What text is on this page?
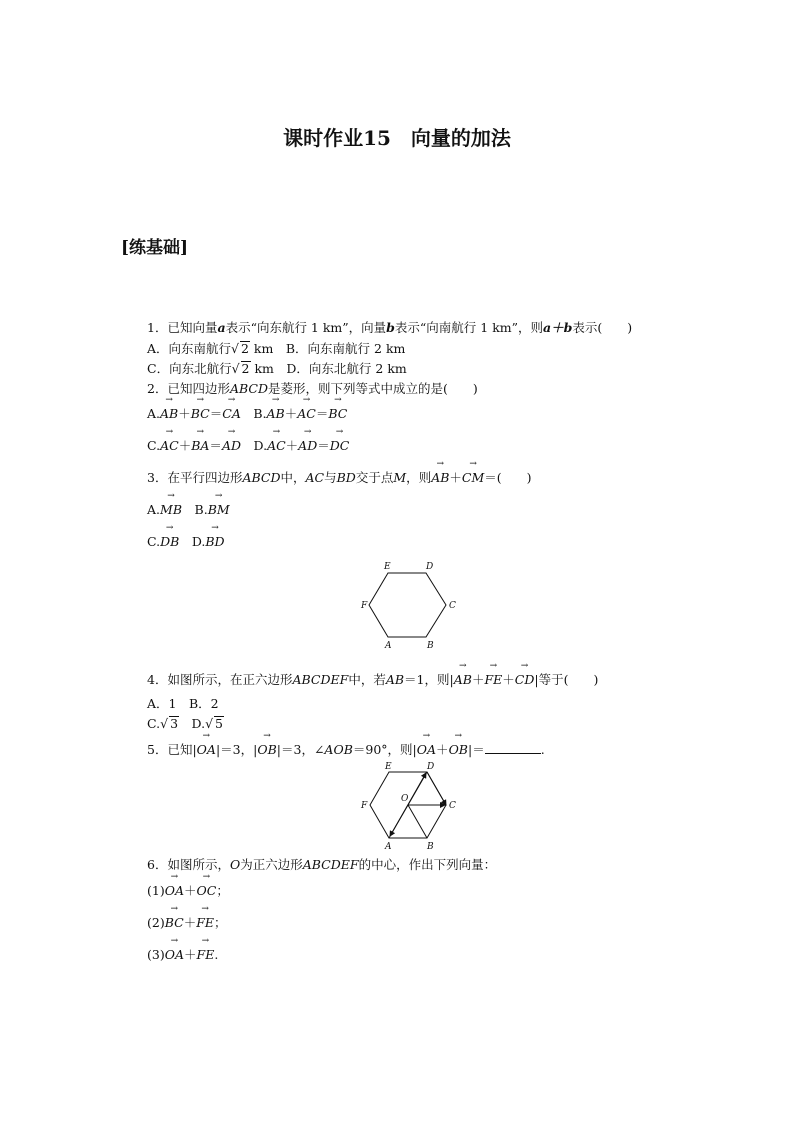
课时作业15　向量的加法
[练基础]
1．已知向量a表示“向东航行 1 km”，向量b表示“向南航行 1 km”，则a＋b表示(　　)
A．向东南航行√ 2 km　B．向东南航行 2 km
C．向东北航行√ 2 km　D．向东北航行 2 km
2．已知四边形ABCD是菱形，则下列等式中成立的是(　　)
A.→ AB＋→ BC＝→ CA　B.→ AB＋→ AC＝→ BC
C.→ AC＋→ BA＝→ AD　D.→ AC＋→ AD＝→ DC
3．在平行四边形ABCD中，AC与BD交于点M，则→ AB＋→ CM＝(　　)
A.→ MB　B.→ BM
C.→ DB　D.→ BD
E	D
C
B
A
F
4．如图所示，在正六边形ABCDEF中，若AB＝1，则|→ AB＋→ FE＋→ CD|等于(　　)
A．1　B．2
C.√ 3　D.√ 5
5．已知|→ OA|＝3，|→ OB|＝3，∠AOB＝90°，则|→ OA＋→ OB|＝	.
E	D
F
O
C
A	B
6．如图所示，O为正六边形ABCDEF的中心，作出下列向量：
(1)→ OA＋→ OC；
(2)→ BC＋→ FE；
(3)→ OA＋→ FE.
